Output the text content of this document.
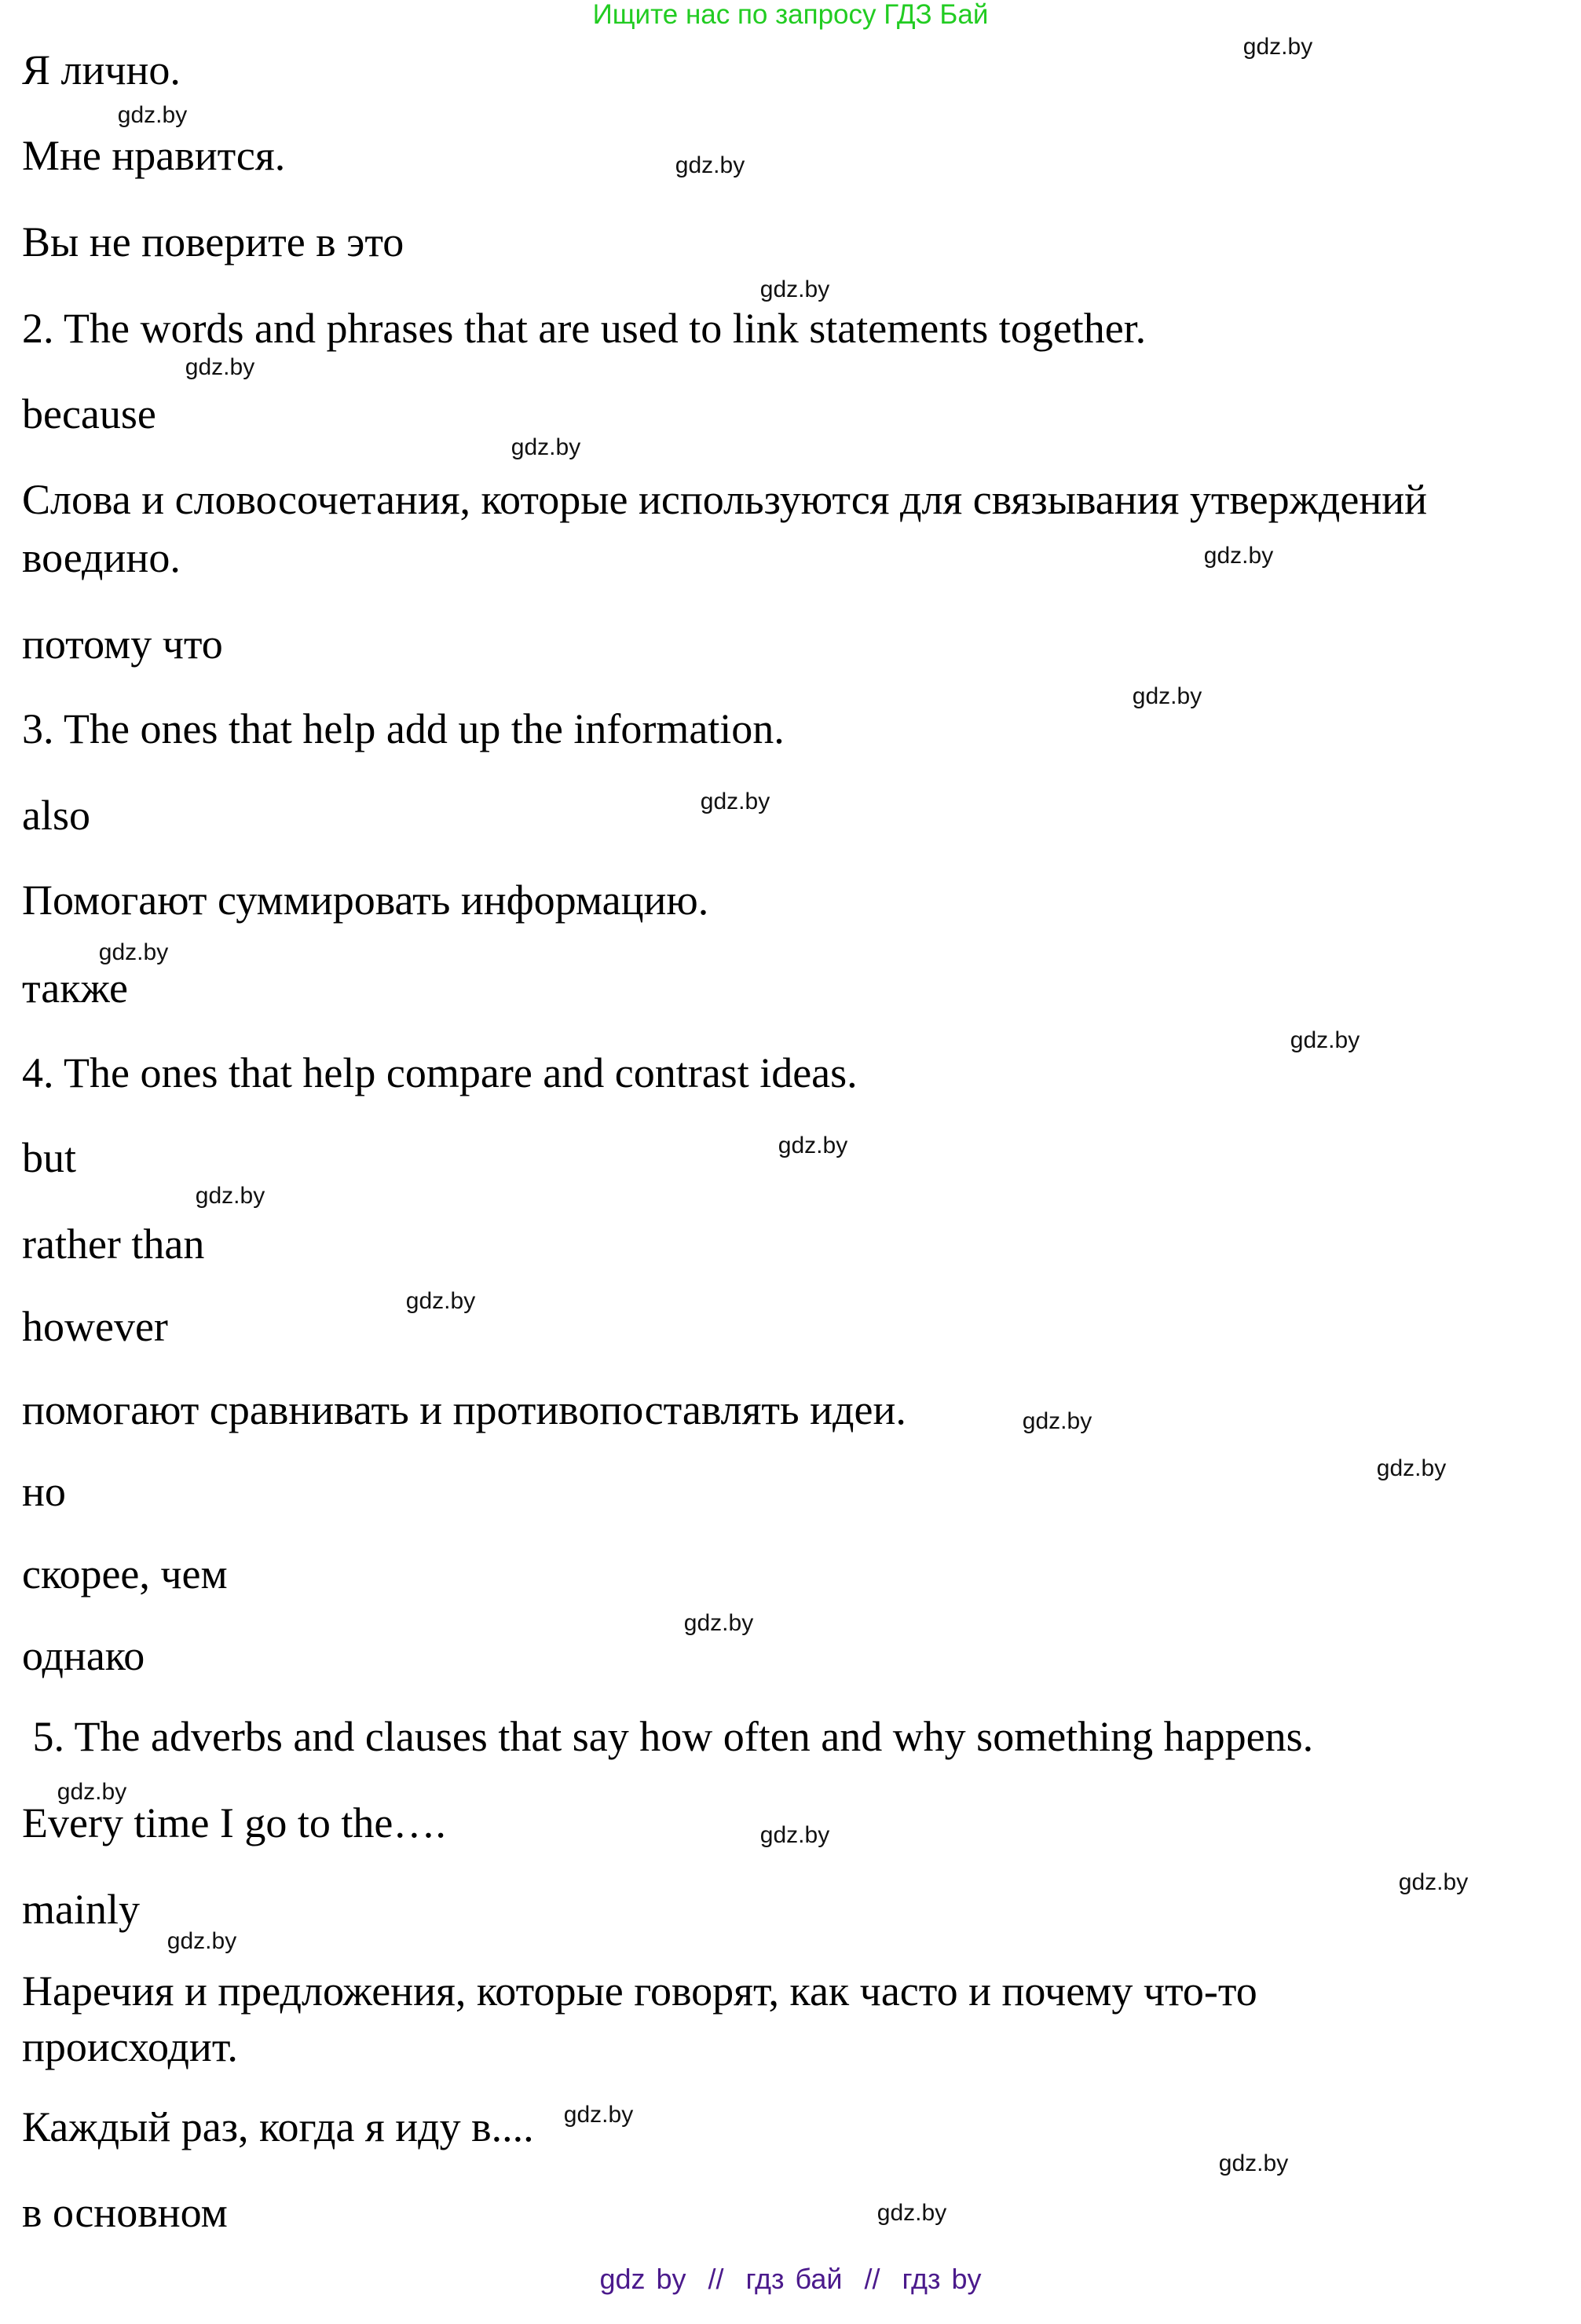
Ищите нас по запросу ГДЗ Бай
Я лично.
Мне нравится.
Вы не поверите в это
2. The words and phrases that are used to link statements together.
because
Слова и словосочетания, которые используются для связывания утверждений
воедино.
потому что
3. The ones that help add up the information.
also
Помогают суммировать информацию.
также
4. The ones that help compare and contrast ideas.
but
rather than
however
помогают сравнивать и противопоставлять идеи.
но
скорее, чем
однако
5. The adverbs and clauses that say how often and why something happens.
Every time I go to the….
mainly
Наречия и предложения, которые говорят, как часто и почему что-то
происходит.
Каждый раз, когда я иду в....
в основном
gdz.by
gdz.by
gdz.by
gdz.by
gdz.by
gdz.by
gdz.by
gdz.by
gdz.by
gdz.by
gdz.by
gdz.by
gdz.by
gdz.by
gdz.by
gdz.by
gdz.by
gdz.by
gdz.by
gdz.by
gdz.by
gdz.by
gdz.by
gdz.by
gdz by  //  гдз бай  //  гдз by
